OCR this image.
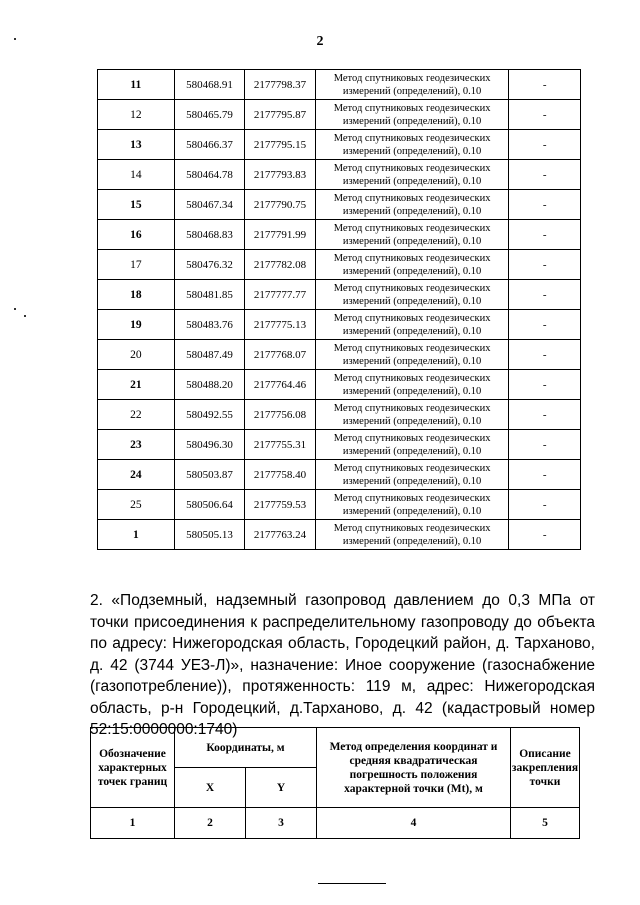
2
11	580468.91	2177798.37	Метод спутниковых геодезических
измерений (определений), 0.10	-
12	580465.79	2177795.87	Метод спутниковых геодезических
измерений (определений), 0.10	-
13	580466.37	2177795.15	Метод спутниковых геодезических
измерений (определений), 0.10	-
14	580464.78	2177793.83	Метод спутниковых геодезических
измерений (определений), 0.10	-
15	580467.34	2177790.75	Метод спутниковых геодезических
измерений (определений), 0.10	-
16	580468.83	2177791.99	Метод спутниковых геодезических
измерений (определений), 0.10	-
17	580476.32	2177782.08	Метод спутниковых геодезических
измерений (определений), 0.10	-
18	580481.85	2177777.77	Метод спутниковых геодезических
измерений (определений), 0.10	-
19	580483.76	2177775.13	Метод спутниковых геодезических
измерений (определений), 0.10	-
20	580487.49	2177768.07	Метод спутниковых геодезических
измерений (определений), 0.10	-
21	580488.20	2177764.46	Метод спутниковых геодезических
измерений (определений), 0.10	-
22	580492.55	2177756.08	Метод спутниковых геодезических
измерений (определений), 0.10	-
23	580496.30	2177755.31	Метод спутниковых геодезических
измерений (определений), 0.10	-
24	580503.87	2177758.40	Метод спутниковых геодезических
измерений (определений), 0.10	-
25	580506.64	2177759.53	Метод спутниковых геодезических
измерений (определений), 0.10	-
1	580505.13	2177763.24	Метод спутниковых геодезических
измерений (определений), 0.10	-
2. «Подземный, надземный газопровод давлением до 0,3 МПа от точки присоединения к распределительному газопроводу до объекта по адресу: Нижегородская область, Городецкий район, д. Тарханово, д. 42 (3744 УЕЗ-Л)», назначение: Иное сооружение (газоснабжение (газопотребление)), протяженность: 119 м, адрес: Нижегородская область, р-н Городецкий, д.Тарханово, д. 42 (кадастровый номер 52:15:0000000:1740)
Обозначение характерных точек границ	Координаты, м		Метод определения координат и средняя квадратическая погрешность положения характерной точки (Mt), м	Описание закрепления точки
	X	Y		
1	2	3	4	5
